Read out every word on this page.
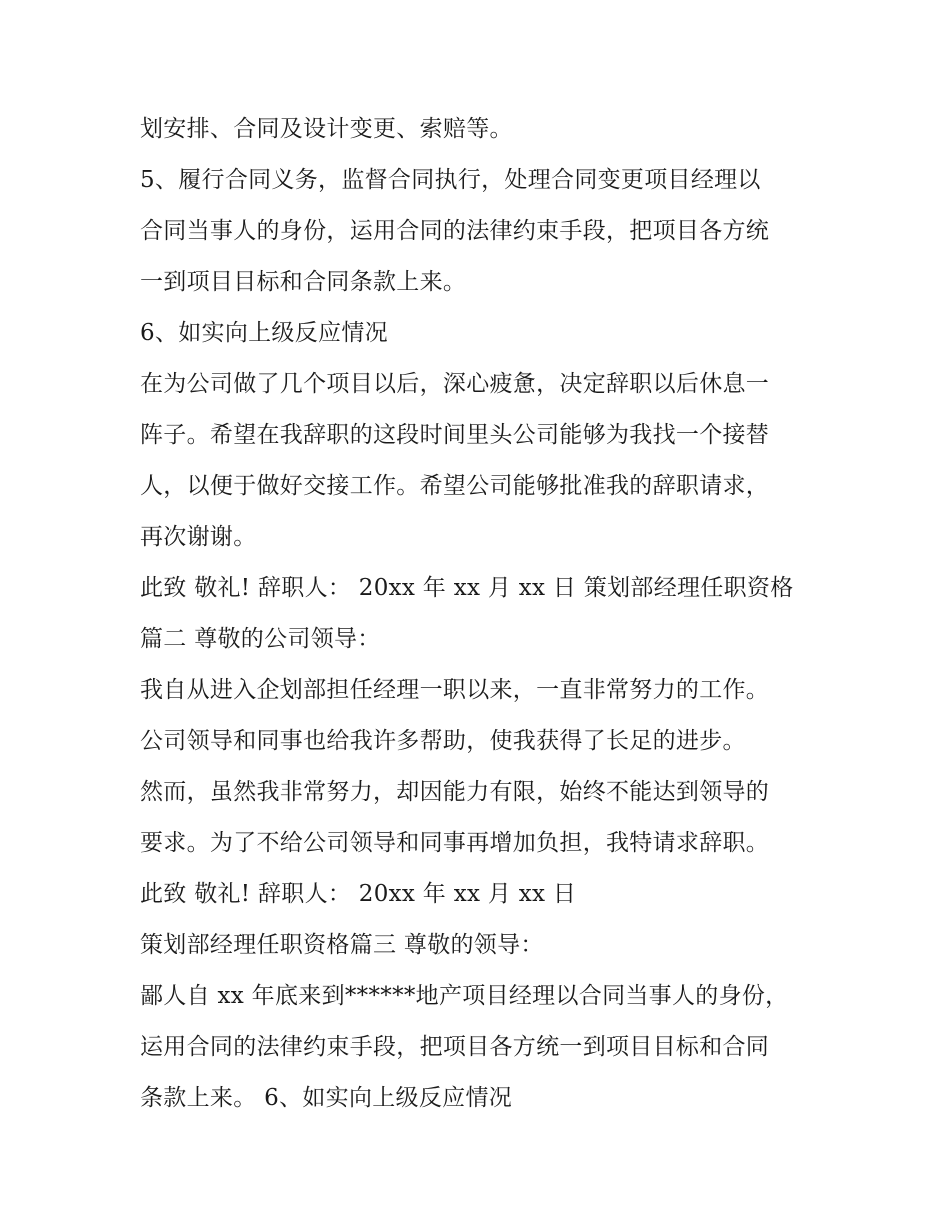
划安排、合同及设计变更、索赔等。
5、履行合同义务，监督合同执行，处理合同变更项目经理以
合同当事人的身份，运用合同的法律约束手段，把项目各方统
一到项目目标和合同条款上来。
6、如实向上级反应情况
在为公司做了几个项目以后，深心疲惫，决定辞职以后休息一
阵子。希望在我辞职的这段时间里头公司能够为我找一个接替
人，以便于做好交接工作。希望公司能够批准我的辞职请求，
再次谢谢。
此致 敬礼! 辞职人： 20xx 年 xx 月 xx 日 策划部经理任职资格
篇二 尊敬的公司领导：
我自从进入企划部担任经理一职以来，一直非常努力的工作。
公司领导和同事也给我许多帮助，使我获得了长足的进步。
然而，虽然我非常努力，却因能力有限，始终不能达到领导的
要求。为了不给公司领导和同事再增加负担，我特请求辞职。
此致 敬礼! 辞职人： 20xx 年 xx 月 xx 日
策划部经理任职资格篇三 尊敬的领导：
鄙人自 xx 年底来到******地产项目经理以合同当事人的身份，
运用合同的法律约束手段，把项目各方统一到项目目标和合同
条款上来。 6、如实向上级反应情况
